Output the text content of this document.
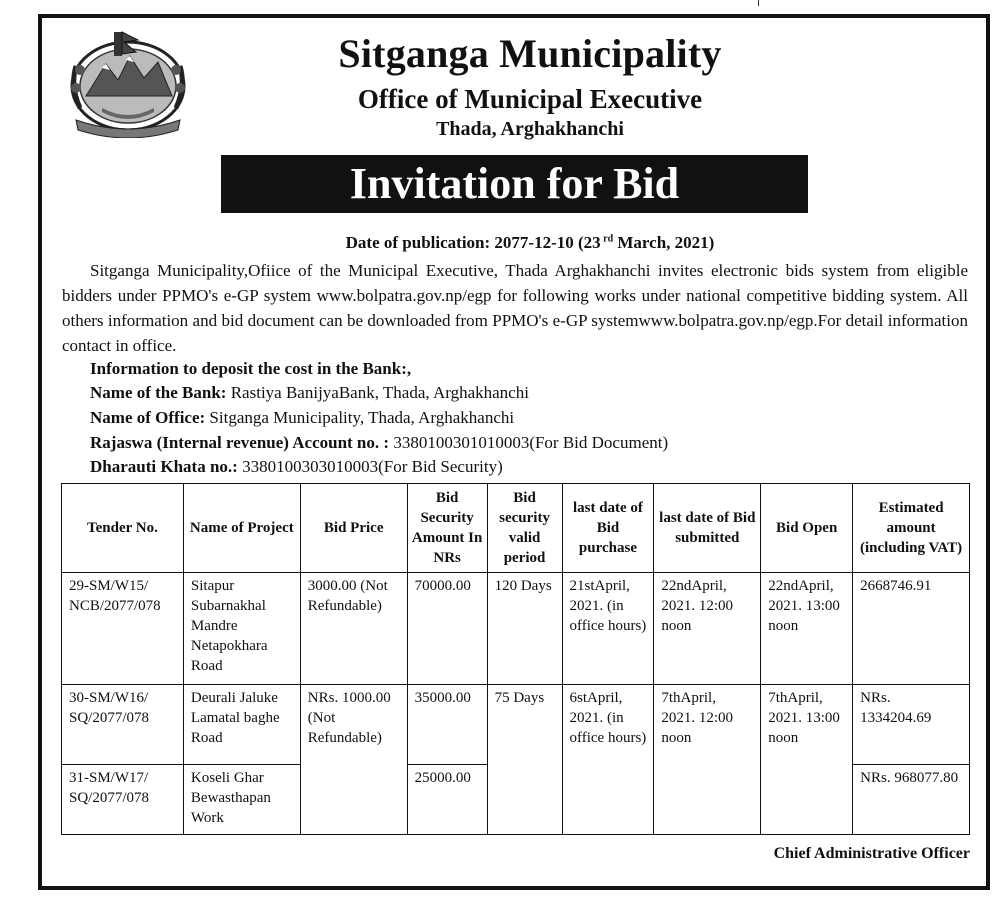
Sitganga Municipality
Office of Municipal Executive
Thada, Arghakhanchi
Invitation for Bid
Date of publication: 2077-12-10 (23 $^{rd}$ March, 2021)
Sitganga Municipality,Ofiice of the Municipal Executive, Thada Arghakhanchi invites electronic bids system from eligible bidders under PPMO's e-GP system www.bolpatra.gov.np/egp for following works under national competitive bidding system. All others information and bid document can be downloaded from PPMO's e-GP systemwww.bolpatra.gov.np/egp.For detail information contact in office.
Information to deposit the cost in the Bank:,
Name of the Bank: Rastiya BanijyaBank, Thada, Arghakhanchi
Name of Office: Sitganga Municipality, Thada, Arghakhanchi
Rajaswa (Internal revenue) Account no. : 3380100301010003(For Bid Document)
Dharauti Khata no.: 3380100303010003(For Bid Security)
Tender No.	Name of Project	Bid Price	Bid Security Amount In NRs	Bid security valid period	last date of Bid purchase	last date of Bid submitted	Bid Open	Estimated amount (including VAT)
29-SM/W15/ NCB/2077/078	Sitapur Subarnakhal Mandre Netapokhara Road	3000.00 (Not Refundable)	70000.00	120 Days	21stApril, 2021. (in office hours)	22ndApril, 2021. 12:00 noon	22ndApril, 2021. 13:00 noon	2668746.91
30-SM/W16/ SQ/2077/078	Deurali Jaluke Lamatal baghe Road	NRs. 1000.00 (Not Refundable)	35000.00	75 Days	6stApril, 2021. (in office hours)	7thApril, 2021. 12:00 noon	7thApril, 2021. 13:00 noon	NRs. 1334204.69
31-SM/W17/ SQ/2077/078	Koseli Ghar Bewasthapan Work		25000.00					NRs. 968077.80
Chief Administrative Officer
